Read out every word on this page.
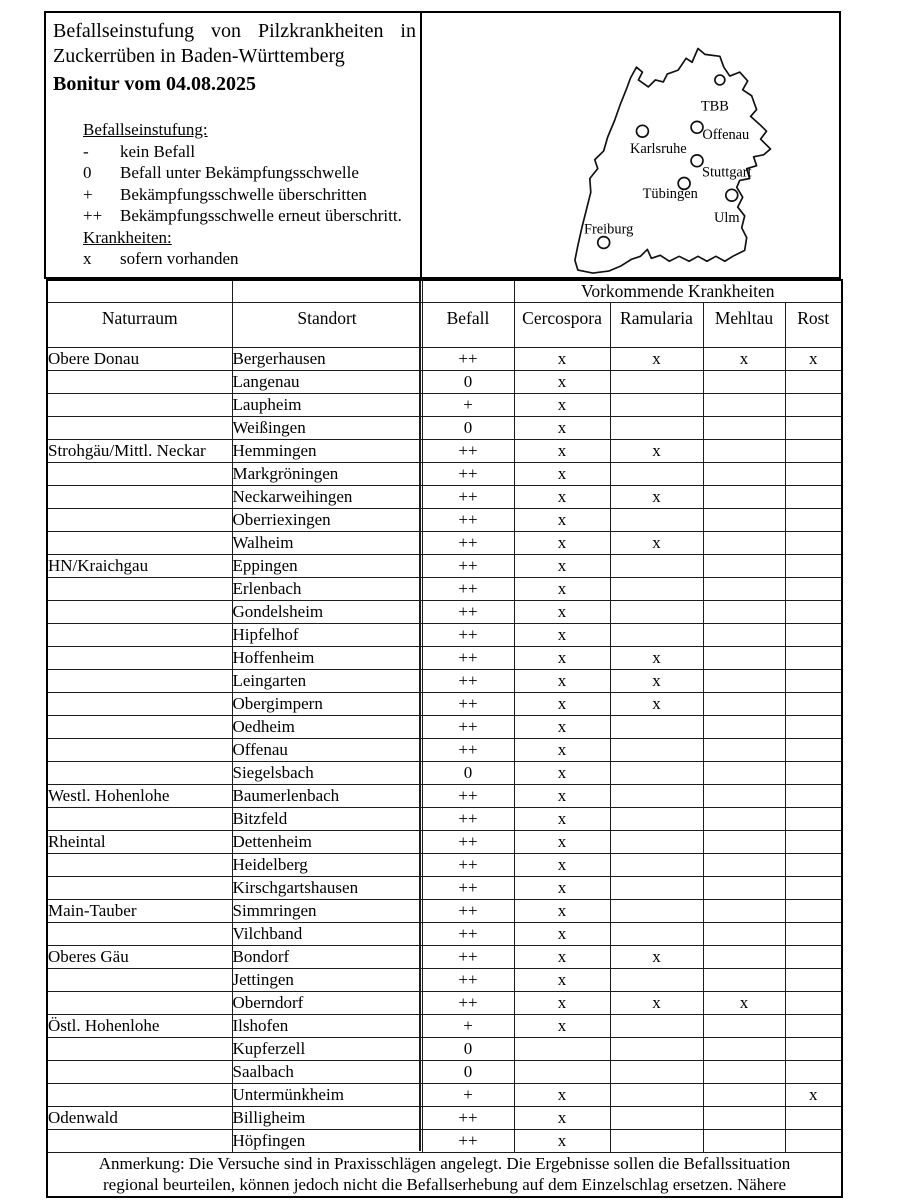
Befallseinstufung von Pilzkrankheiten in
Zuckerrüben in Baden-Württemberg
Bonitur vom 04.08.2025
Befallseinstufung:
- kein Befall
0 Befall unter Bekämpfungsschwelle
+ Bekämpfungsschwelle überschritten
++ Bekämpfungsschwelle erneut überschritt.
Krankheiten:
x sofern vorhanden
TBB
Offenau
Karlsruhe
Stuttgart
Tübingen
Ulm
Freiburg
			Vorkommende Krankheiten			
Naturraum	Standort	Befall	Cercospora	Ramularia	Mehltau	Rost
Obere Donau	Bergerhausen	++	x	x	x	x
	Langenau	0	x			
	Laupheim	+	x			
	Weißingen	0	x			
Strohgäu/Mittl. Neckar	Hemmingen	++	x	x		
	Markgröningen	++	x			
	Neckarweihingen	++	x	x		
	Oberriexingen	++	x			
	Walheim	++	x	x		
HN/Kraichgau	Eppingen	++	x			
	Erlenbach	++	x			
	Gondelsheim	++	x			
	Hipfelhof	++	x			
	Hoffenheim	++	x	x		
	Leingarten	++	x	x		
	Obergimpern	++	x	x		
	Oedheim	++	x			
	Offenau	++	x			
	Siegelsbach	0	x			
Westl. Hohenlohe	Baumerlenbach	++	x			
	Bitzfeld	++	x			
Rheintal	Dettenheim	++	x			
	Heidelberg	++	x			
	Kirschgartshausen	++	x			
Main-Tauber	Simmringen	++	x			
	Vilchband	++	x			
Oberes Gäu	Bondorf	++	x	x		
	Jettingen	++	x			
	Oberndorf	++	x	x	x	
Östl. Hohenlohe	Ilshofen	+	x			
	Kupferzell	0				
	Saalbach	0				
	Untermünkheim	+	x			x
Odenwald	Billigheim	++	x			
	Höpfingen	++	x			

Anmerkung: Die Versuche sind in Praxisschlägen angelegt. Die Ergebnisse sollen die Befallssituation
regional beurteilen, können jedoch nicht die Befallserhebung auf dem Einzelschlag ersetzen. Nähere						
